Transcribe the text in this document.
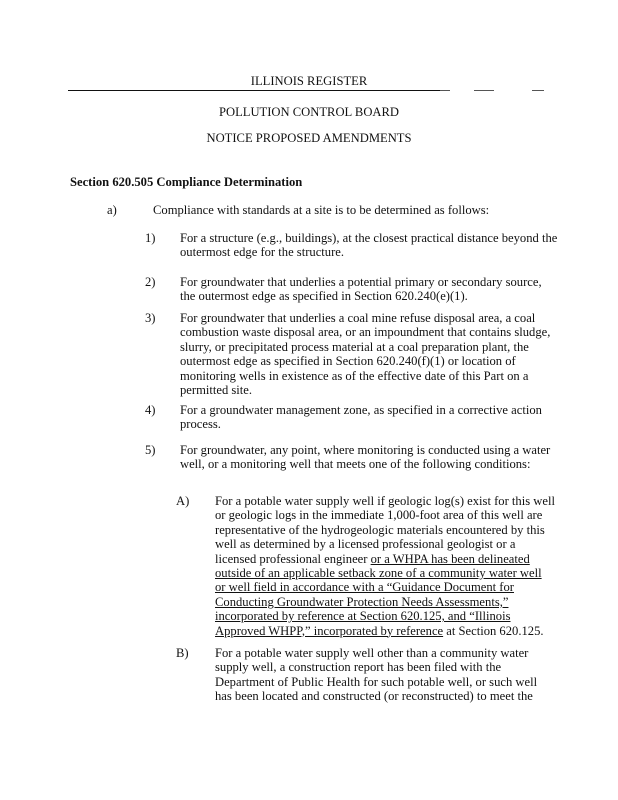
ILLINOIS REGISTER
POLLUTION CONTROL BOARD
NOTICE PROPOSED AMENDMENTS
Section 620.505 Compliance Determination
a)	Compliance with standards at a site is to be determined as follows:
1) For a structure (e.g., buildings), at the closest practical distance beyond the
outermost edge for the structure.
2) For groundwater that underlies a potential primary or secondary source,
the outermost edge as specified in Section 620.240(e)(1).
3) For groundwater that underlies a coal mine refuse disposal area, a coal
combustion waste disposal area, or an impoundment that contains sludge,
slurry, or precipitated process material at a coal preparation plant, the
outermost edge as specified in Section 620.240(f)(1) or location of
monitoring wells in existence as of the effective date of this Part on a
permitted site.
4) For a groundwater management zone, as specified in a corrective action
process.
5) For groundwater, any point, where monitoring is conducted using a water
well, or a monitoring well that meets one of the following conditions:
A) For a potable water supply well if geologic log(s) exist for this well
or geologic logs in the immediate 1,000-foot area of this well are
representative of the hydrogeologic materials encountered by this
well as determined by a licensed professional geologist or a
licensed professional engineer or a WHPA has been delineated
outside of an applicable setback zone of a community water well
or well field in accordance with a “Guidance Document for
Conducting Groundwater Protection Needs Assessments,”
incorporated by reference at Section 620.125, and “Illinois
Approved WHPP,” incorporated by reference at Section 620.125.
B) For a potable water supply well other than a community water
supply well, a construction report has been filed with the
Department of Public Health for such potable well, or such well
has been located and constructed (or reconstructed) to meet the
